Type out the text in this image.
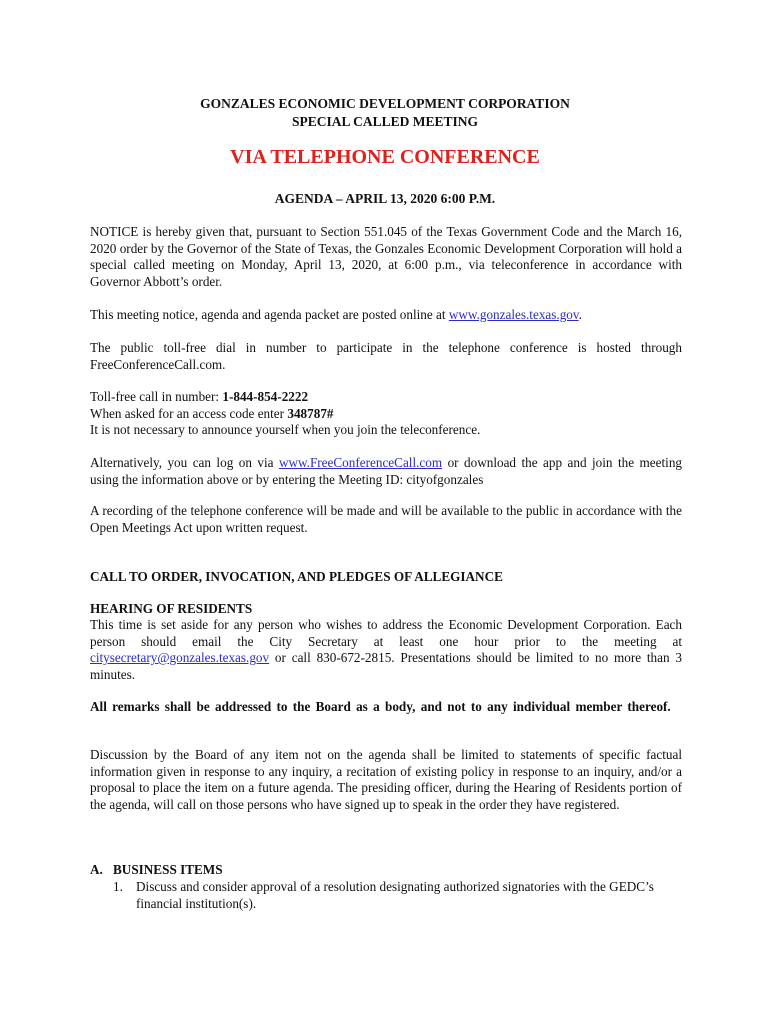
GONZALES ECONOMIC DEVELOPMENT CORPORATION
SPECIAL CALLED MEETING
VIA TELEPHONE CONFERENCE
AGENDA – APRIL 13, 2020 6:00 P.M.
NOTICE is hereby given that, pursuant to Section 551.045 of the Texas Government Code and the March 16, 2020 order by the Governor of the State of Texas, the Gonzales Economic Development Corporation will hold a special called meeting on Monday, April 13, 2020, at 6:00 p.m., via teleconference in accordance with Governor Abbott’s order.
This meeting notice, agenda and agenda packet are posted online at www.gonzales.texas.gov.
The public toll-free dial in number to participate in the telephone conference is hosted through FreeConferenceCall.com.
Toll-free call in number: 1-844-854-2222
When asked for an access code enter 348787#
It is not necessary to announce yourself when you join the teleconference.
Alternatively, you can log on via www.FreeConferenceCall.com or download the app and join the meeting using the information above or by entering the Meeting ID: cityofgonzales
A recording of the telephone conference will be made and will be available to the public in accordance with the Open Meetings Act upon written request.
CALL TO ORDER, INVOCATION, AND PLEDGES OF ALLEGIANCE
HEARING OF RESIDENTS
This time is set aside for any person who wishes to address the Economic Development Corporation. Each person should email the City Secretary at least one hour prior to the meeting at citysecretary@gonzales.texas.gov or call 830-672-2815. Presentations should be limited to no more than 3 minutes.
All remarks shall be addressed to the Board as a body, and not to any individual member thereof.
Discussion by the Board of any item not on the agenda shall be limited to statements of specific factual information given in response to any inquiry, a recitation of existing policy in response to an inquiry, and/or a proposal to place the item on a future agenda. The presiding officer, during the Hearing of Residents portion of the agenda, will call on those persons who have signed up to speak in the order they have registered.
A. BUSINESS ITEMS
1. Discuss and consider approval of a resolution designating authorized signatories with the GEDC’s financial institution(s).
